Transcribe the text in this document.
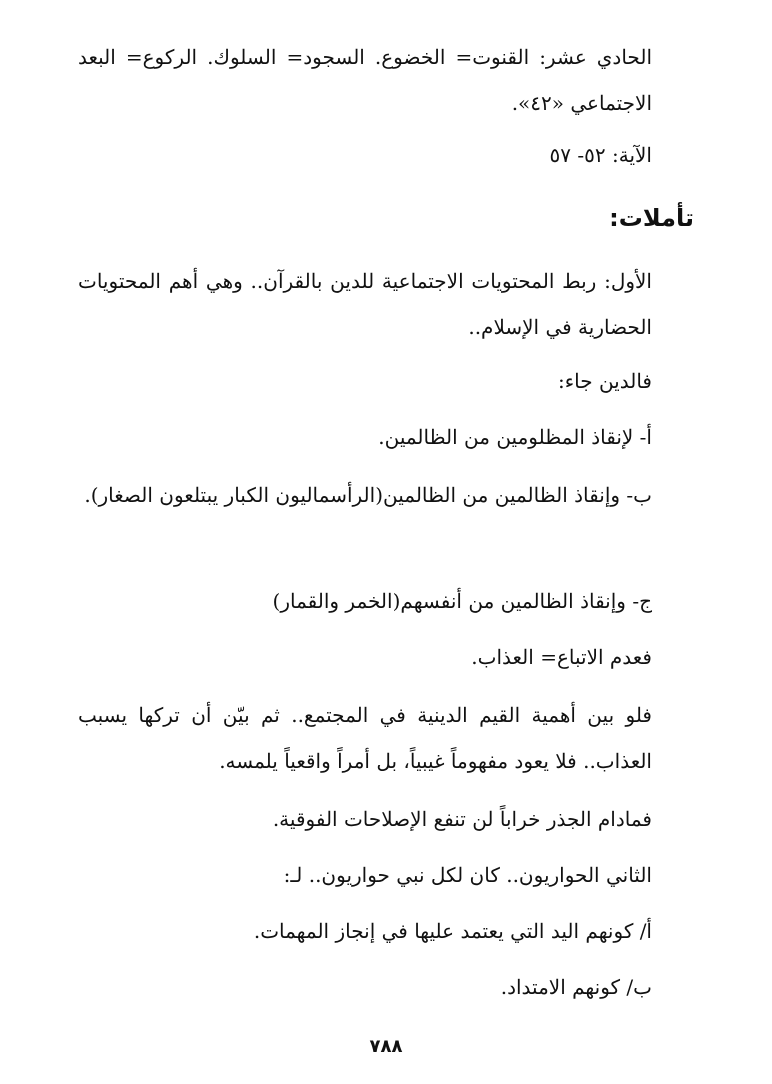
الحادي عشر: القنوت= الخضوع. السجود= السلوك. الركوع= البعد الاجتماعي «٤٢».
الآية: ٥٢- ٥٧
تأملات:
الأول: ربط المحتويات الاجتماعية للدين بالقرآن.. وهي أهم المحتويات الحضارية في الإسلام..
فالدين جاء:
أ- لإنقاذ المظلومين من الظالمين.
ب- وإنقاذ الظالمين من الظالمين(الرأسماليون الكبار يبتلعون الصغار).
ج- وإنقاذ الظالمين من أنفسهم(الخمر والقمار)
فعدم الاتباع= العذاب.
فلو بين أهمية القيم الدينية في المجتمع.. ثم بيّن أن تركها يسبب العذاب.. فلا يعود مفهوماً غيبياً، بل أمراً واقعياً يلمسه.
فمادام الجذر خراباً لن تنفع الإصلاحات الفوقية.
الثاني الحواريون.. كان لكل نبي حواريون.. لـ:
أ/ كونهم اليد التي يعتمد عليها في إنجاز المهمات.
ب/ كونهم الامتداد.
٧٨٨
